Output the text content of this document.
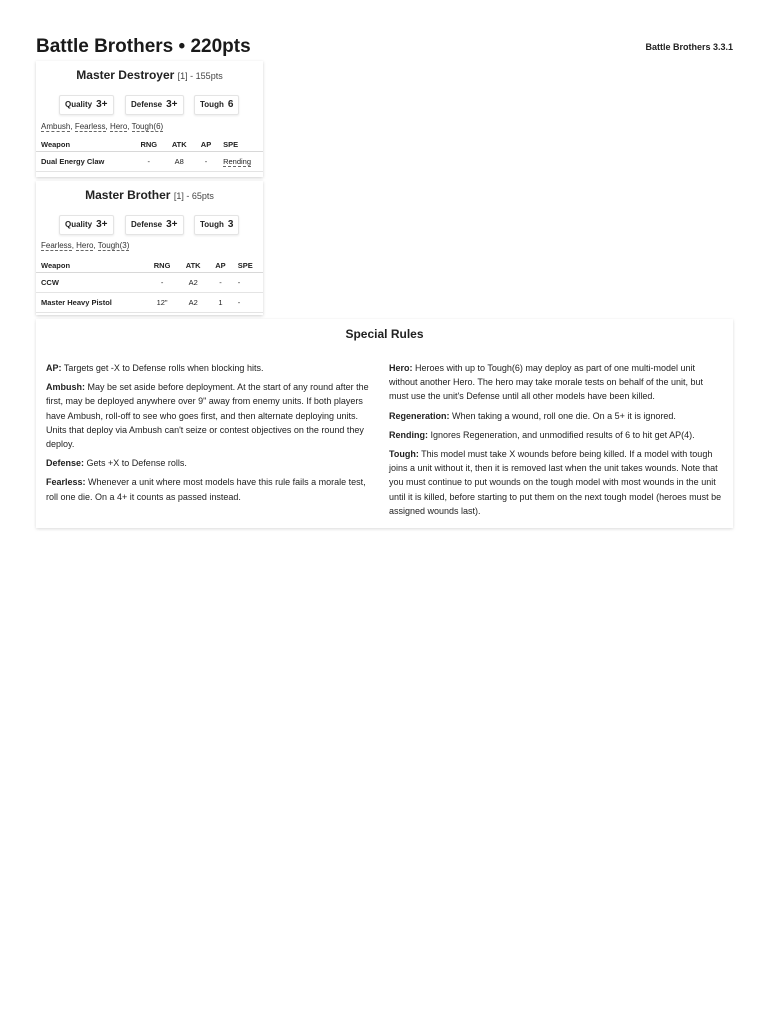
Battle Brothers • 220pts	Battle Brothers 3.3.1
Master Destroyer [1] - 155pts
Quality 3+	Defense 3+	Tough 6
Ambush, Fearless, Hero, Tough(6)
Weapon	RNG	ATK	AP	SPE
Dual Energy Claw	-	A8	-	Rending
Master Brother [1] - 65pts
Quality 3+	Defense 3+	Tough 3
Fearless, Hero, Tough(3)
Weapon	RNG	ATK	AP	SPE
CCW	-	A2	-	-
Master Heavy Pistol	12"	A2	1	-
Special Rules

AP: Targets get -X to Defense rolls when blocking hits.

Ambush: May be set aside before deployment. At the start of any round after the first, may be deployed anywhere over 9" away from enemy units. If both players have Ambush, roll-off to see who goes first, and then alternate deploying units. Units that deploy via Ambush can't seize or contest objectives on the round they deploy.

Defense: Gets +X to Defense rolls.

Fearless: Whenever a unit where most models have this rule fails a morale test, roll one die. On a 4+ it counts as passed instead.

Hero: Heroes with up to Tough(6) may deploy as part of one multi-model unit without another Hero. The hero may take morale tests on behalf of the unit, but must use the unit's Defense until all other models have been killed.

Regeneration: When taking a wound, roll one die. On a 5+ it is ignored.

Rending: Ignores Regeneration, and unmodified results of 6 to hit get AP(4).

Tough: This model must take X wounds before being killed. If a model with tough joins a unit without it, then it is removed last when the unit takes wounds. Note that you must continue to put wounds on the tough model with most wounds in the unit until it is killed, before starting to put them on the next tough model (heroes must be assigned wounds last).
